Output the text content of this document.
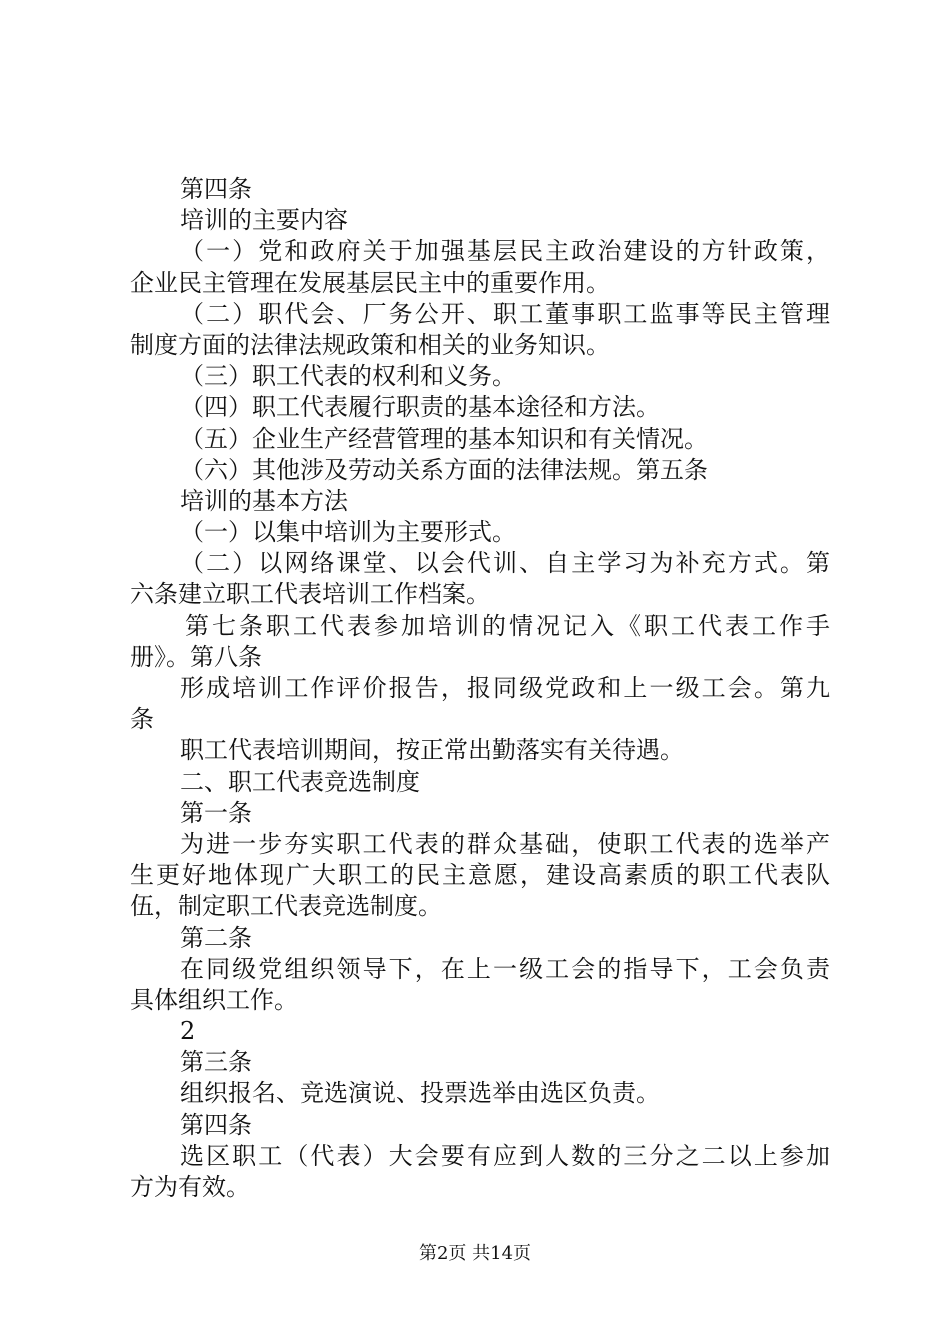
第四条
培训的主要内容
（一）党和政府关于加强基层民主政治建设的方针政策，
企业民主管理在发展基层民主中的重要作用。
（二）职代会、厂务公开、职工董事职工监事等民主管理
制度方面的法律法规政策和相关的业务知识。
（三）职工代表的权利和义务。
（四）职工代表履行职责的基本途径和方法。
（五）企业生产经营管理的基本知识和有关情况。
（六）其他涉及劳动关系方面的法律法规。第五条
培训的基本方法
（一）以集中培训为主要形式。
（二）以网络课堂、以会代训、自主学习为补充方式。第
六条建立职工代表培训工作档案。
第七条职工代表参加培训的情况记入《职工代表工作手
册》。第八条
形成培训工作评价报告，报同级党政和上一级工会。第九
条
职工代表培训期间，按正常出勤落实有关待遇。
二、职工代表竞选制度
第一条
为进一步夯实职工代表的群众基础，使职工代表的选举产
生更好地体现广大职工的民主意愿，建设高素质的职工代表队
伍，制定职工代表竞选制度。
第二条
在同级党组织领导下，在上一级工会的指导下，工会负责
具体组织工作。
2
第三条
组织报名、竞选演说、投票选举由选区负责。
第四条
选区职工（代表）大会要有应到人数的三分之二以上参加
方为有效。
第2页 共14页
